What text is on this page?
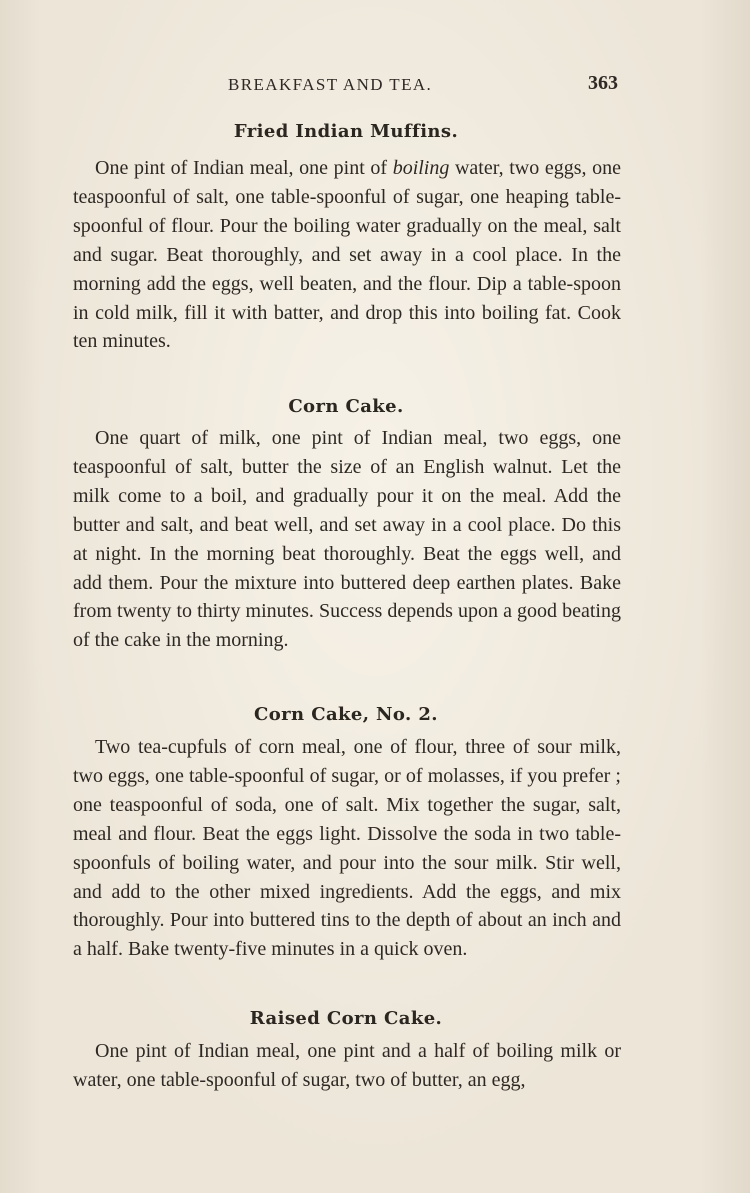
BREAKFAST AND TEA.	363
Fried Indian Muffins.

One pint of Indian meal, one pint of boiling water, two eggs, one teaspoonful of salt, one table-spoonful of sugar, one heaping table-spoonful of flour. Pour the boiling water gradually on the meal, salt and sugar. Beat thoroughly, and set away in a cool place. In the morning add the eggs, well beaten, and the flour. Dip a table-spoon in cold milk, fill it with batter, and drop this into boiling fat. Cook ten minutes.

Corn Cake.

One quart of milk, one pint of Indian meal, two eggs, one teaspoonful of salt, butter the size of an English walnut. Let the milk come to a boil, and gradually pour it on the meal. Add the butter and salt, and beat well, and set away in a cool place. Do this at night. In the morning beat thoroughly. Beat the eggs well, and add them. Pour the mixture into buttered deep earthen plates. Bake from twenty to thirty minutes. Success depends upon a good beating of the cake in the morning.

Corn Cake, No. 2.

Two tea-cupfuls of corn meal, one of flour, three of sour milk, two eggs, one table-spoonful of sugar, or of molasses, if you prefer ; one teaspoonful of soda, one of salt. Mix together the sugar, salt, meal and flour. Beat the eggs light. Dissolve the soda in two table-spoonfuls of boiling water, and pour into the sour milk. Stir well, and add to the other mixed ingredients. Add the eggs, and mix thoroughly. Pour into buttered tins to the depth of about an inch and a half. Bake twenty-five minutes in a quick oven.

Raised Corn Cake.

One pint of Indian meal, one pint and a half of boiling milk or water, one table-spoonful of sugar, two of butter, an egg,
